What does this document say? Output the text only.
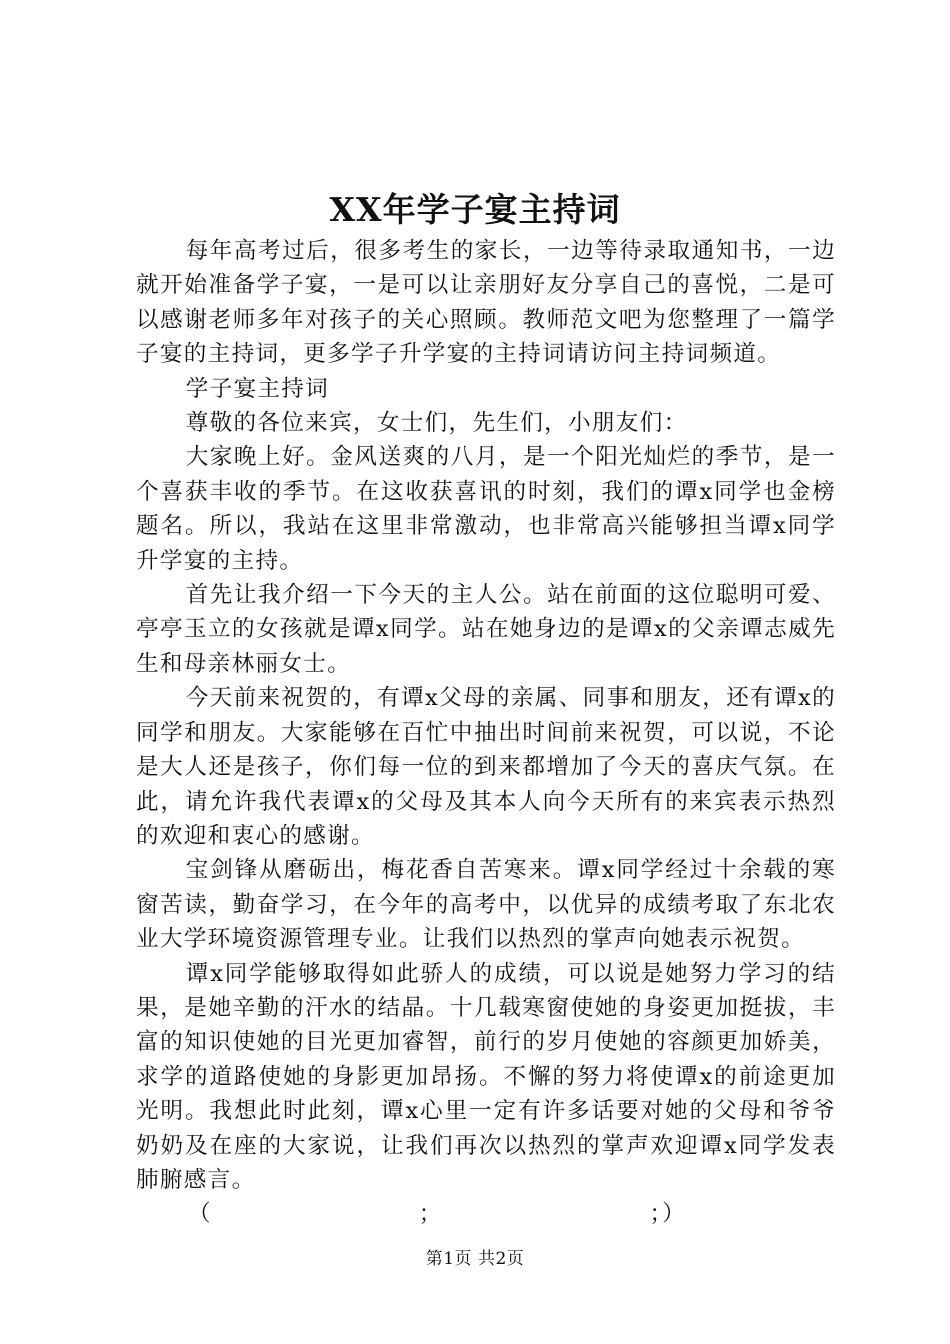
XX年学子宴主持词

每年高考过后，很多考生的家长，一边等待录取通知书，一边就开始准备学子宴，一是可以让亲朋好友分享自己的喜悦，二是可以感谢老师多年对孩子的关心照顾。教师范文吧为您整理了一篇学子宴的主持词，更多学子升学宴的主持词请访问主持词频道。

学子宴主持词

尊敬的各位来宾，女士们，先生们，小朋友们：

大家晚上好。金风送爽的八月，是一个阳光灿烂的季节，是一个喜获丰收的季节。在这收获喜讯的时刻，我们的谭x同学也金榜题名。所以，我站在这里非常激动，也非常高兴能够担当谭x同学升学宴的主持。

首先让我介绍一下今天的主人公。站在前面的这位聪明可爱、亭亭玉立的女孩就是谭x同学。站在她身边的是谭x的父亲谭志威先生和母亲林丽女士。

今天前来祝贺的，有谭x父母的亲属、同事和朋友，还有谭x的同学和朋友。大家能够在百忙中抽出时间前来祝贺，可以说，不论是大人还是孩子，你们每一位的到来都增加了今天的喜庆气氛。在此，请允许我代表谭x的父母及其本人向今天所有的来宾表示热烈的欢迎和衷心的感谢。

宝剑锋从磨砺出，梅花香自苦寒来。谭x同学经过十余载的寒窗苦读，勤奋学习，在今年的高考中，以优异的成绩考取了东北农业大学环境资源管理专业。让我们以热烈的掌声向她表示祝贺。

谭x同学能够取得如此骄人的成绩，可以说是她努力学习的结果，是她辛勤的汗水的结晶。十几载寒窗使她的身姿更加挺拔，丰富的知识使她的目光更加睿智，前行的岁月使她的容颜更加娇美，求学的道路使她的身影更加昂扬。不懈的努力将使谭x的前途更加光明。我想此时此刻，谭x心里一定有许多话要对她的父母和爷爷奶奶及在座的大家说，让我们再次以热烈的掌声欢迎谭x同学发表肺腑感言。

（	；	；）
第1页 共2页
